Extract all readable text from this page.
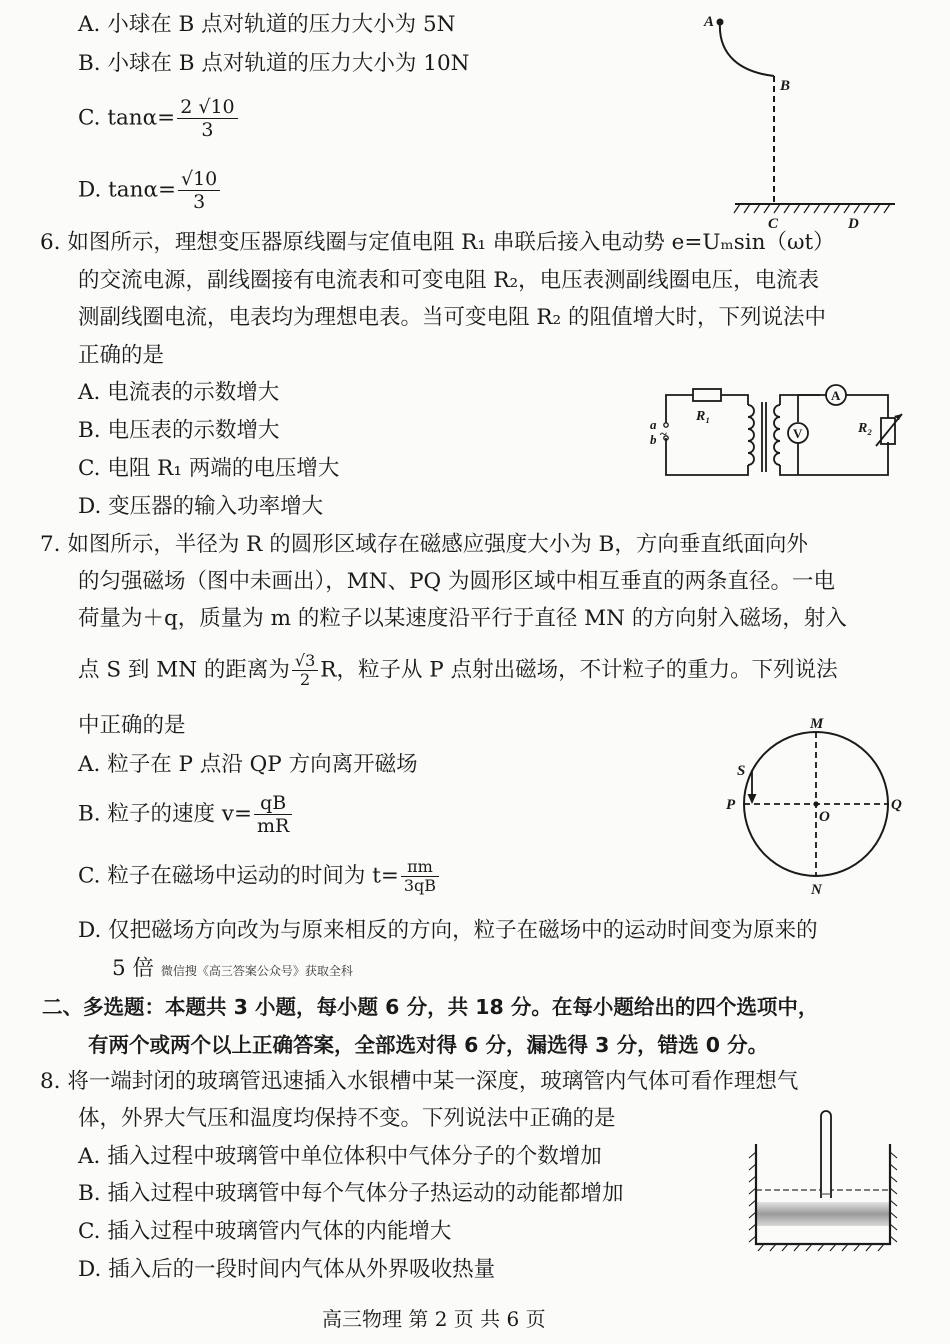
A. 小球在 B 点对轨道的压力大小为 5N
B. 小球在 B 点对轨道的压力大小为 10N
C. $\tan\alpha= \frac{2 √10}{3}$
D. $\tan\alpha= \frac{√10}{3}$
A
B
C	D
6. 如图所示，理想变压器原线圈与定值电阻 R₁ 串联后接入电动势 e=Uₘsin（ωt）
的交流电源，副线圈接有电流表和可变电阻 R₂，电压表测副线圈电压，电流表
测副线圈电流，电表均为理想电表。当可变电阻 R₂ 的阻值增大时，下列说法中
正确的是
A. 电流表的示数增大
B. 电压表的示数增大
C. 电阻 R₁ 两端的电压增大
D. 变压器的输入功率增大
a
b ~
R₁
A
V	R₂
7. 如图所示，半径为 R 的圆形区域存在磁感应强度大小为 B，方向垂直纸面向外
的匀强磁场（图中未画出），MN、PQ 为圆形区域中相互垂直的两条直径。一电
荷量为＋q，质量为 m 的粒子以某速度沿平行于直径 MN 的方向射入磁场，射入
点 S 到 MN 的距离为 $\frac{√3}{2}$ R，粒子从 P 点射出磁场，不计粒子的重力。下列说法
中正确的是
A. 粒子在 P 点沿 QP 方向离开磁场
B. 粒子的速度 $v= \frac{qB}{mR}$
C. 粒子在磁场中运动的时间为 $t= \frac{\pi m}{3qB}$
D. 仅把磁场方向改为与原来相反的方向，粒子在磁场中的运动时间变为原来的
5 倍 微信搜《高三答案公众号》获取全科
M
N
P	Q
O
S
二、多选题：本题共 3 小题，每小题 6 分，共 18 分。在每小题给出的四个选项中，
有两个或两个以上正确答案，全部选对得 6 分，漏选得 3 分，错选 0 分。
8. 将一端封闭的玻璃管迅速插入水银槽中某一深度，玻璃管内气体可看作理想气
体，外界大气压和温度均保持不变。下列说法中正确的是
A. 插入过程中玻璃管中单位体积中气体分子的个数增加
B. 插入过程中玻璃管中每个气体分子热运动的动能都增加
C. 插入过程中玻璃管内气体的内能增大
D. 插入后的一段时间内气体从外界吸收热量
高三物理 第 2 页 共 6 页
